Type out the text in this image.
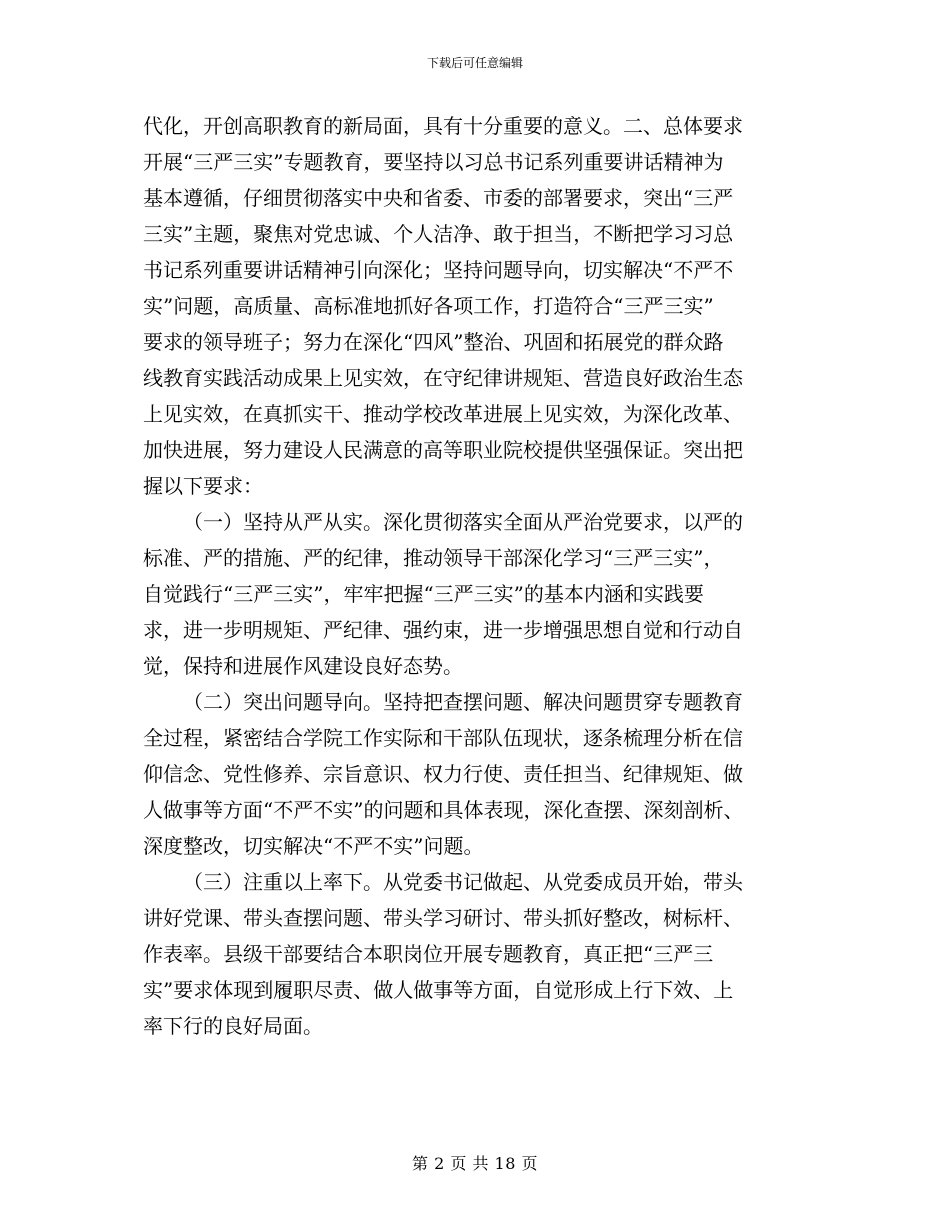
下载后可任意编辑
代化，开创高职教育的新局面，具有十分重要的意义。二、总体要求
开展“三严三实”专题教育，要坚持以习总书记系列重要讲话精神为
基本遵循，仔细贯彻落实中央和省委、市委的部署要求，突出“三严
三实”主题，聚焦对党忠诚、个人洁净、敢于担当，不断把学习习总
书记系列重要讲话精神引向深化；坚持问题导向，切实解决“不严不
实”问题，高质量、高标准地抓好各项工作，打造符合“三严三实”
要求的领导班子；努力在深化“四风”整治、巩固和拓展党的群众路
线教育实践活动成果上见实效，在守纪律讲规矩、营造良好政治生态
上见实效，在真抓实干、推动学校改革进展上见实效，为深化改革、
加快进展，努力建设人民满意的高等职业院校提供坚强保证。突出把
握以下要求：
（一）坚持从严从实。深化贯彻落实全面从严治党要求，以严的
标准、严的措施、严的纪律，推动领导干部深化学习“三严三实”，
自觉践行“三严三实”，牢牢把握“三严三实”的基本内涵和实践要
求，进一步明规矩、严纪律、强约束，进一步增强思想自觉和行动自
觉，保持和进展作风建设良好态势。
（二）突出问题导向。坚持把查摆问题、解决问题贯穿专题教育
全过程，紧密结合学院工作实际和干部队伍现状，逐条梳理分析在信
仰信念、党性修养、宗旨意识、权力行使、责任担当、纪律规矩、做
人做事等方面“不严不实”的问题和具体表现，深化查摆、深刻剖析、
深度整改，切实解决“不严不实”问题。
（三）注重以上率下。从党委书记做起、从党委成员开始，带头
讲好党课、带头查摆问题、带头学习研讨、带头抓好整改，树标杆、
作表率。县级干部要结合本职岗位开展专题教育，真正把“三严三
实”要求体现到履职尽责、做人做事等方面，自觉形成上行下效、上
率下行的良好局面。
第 2 页 共 18 页
